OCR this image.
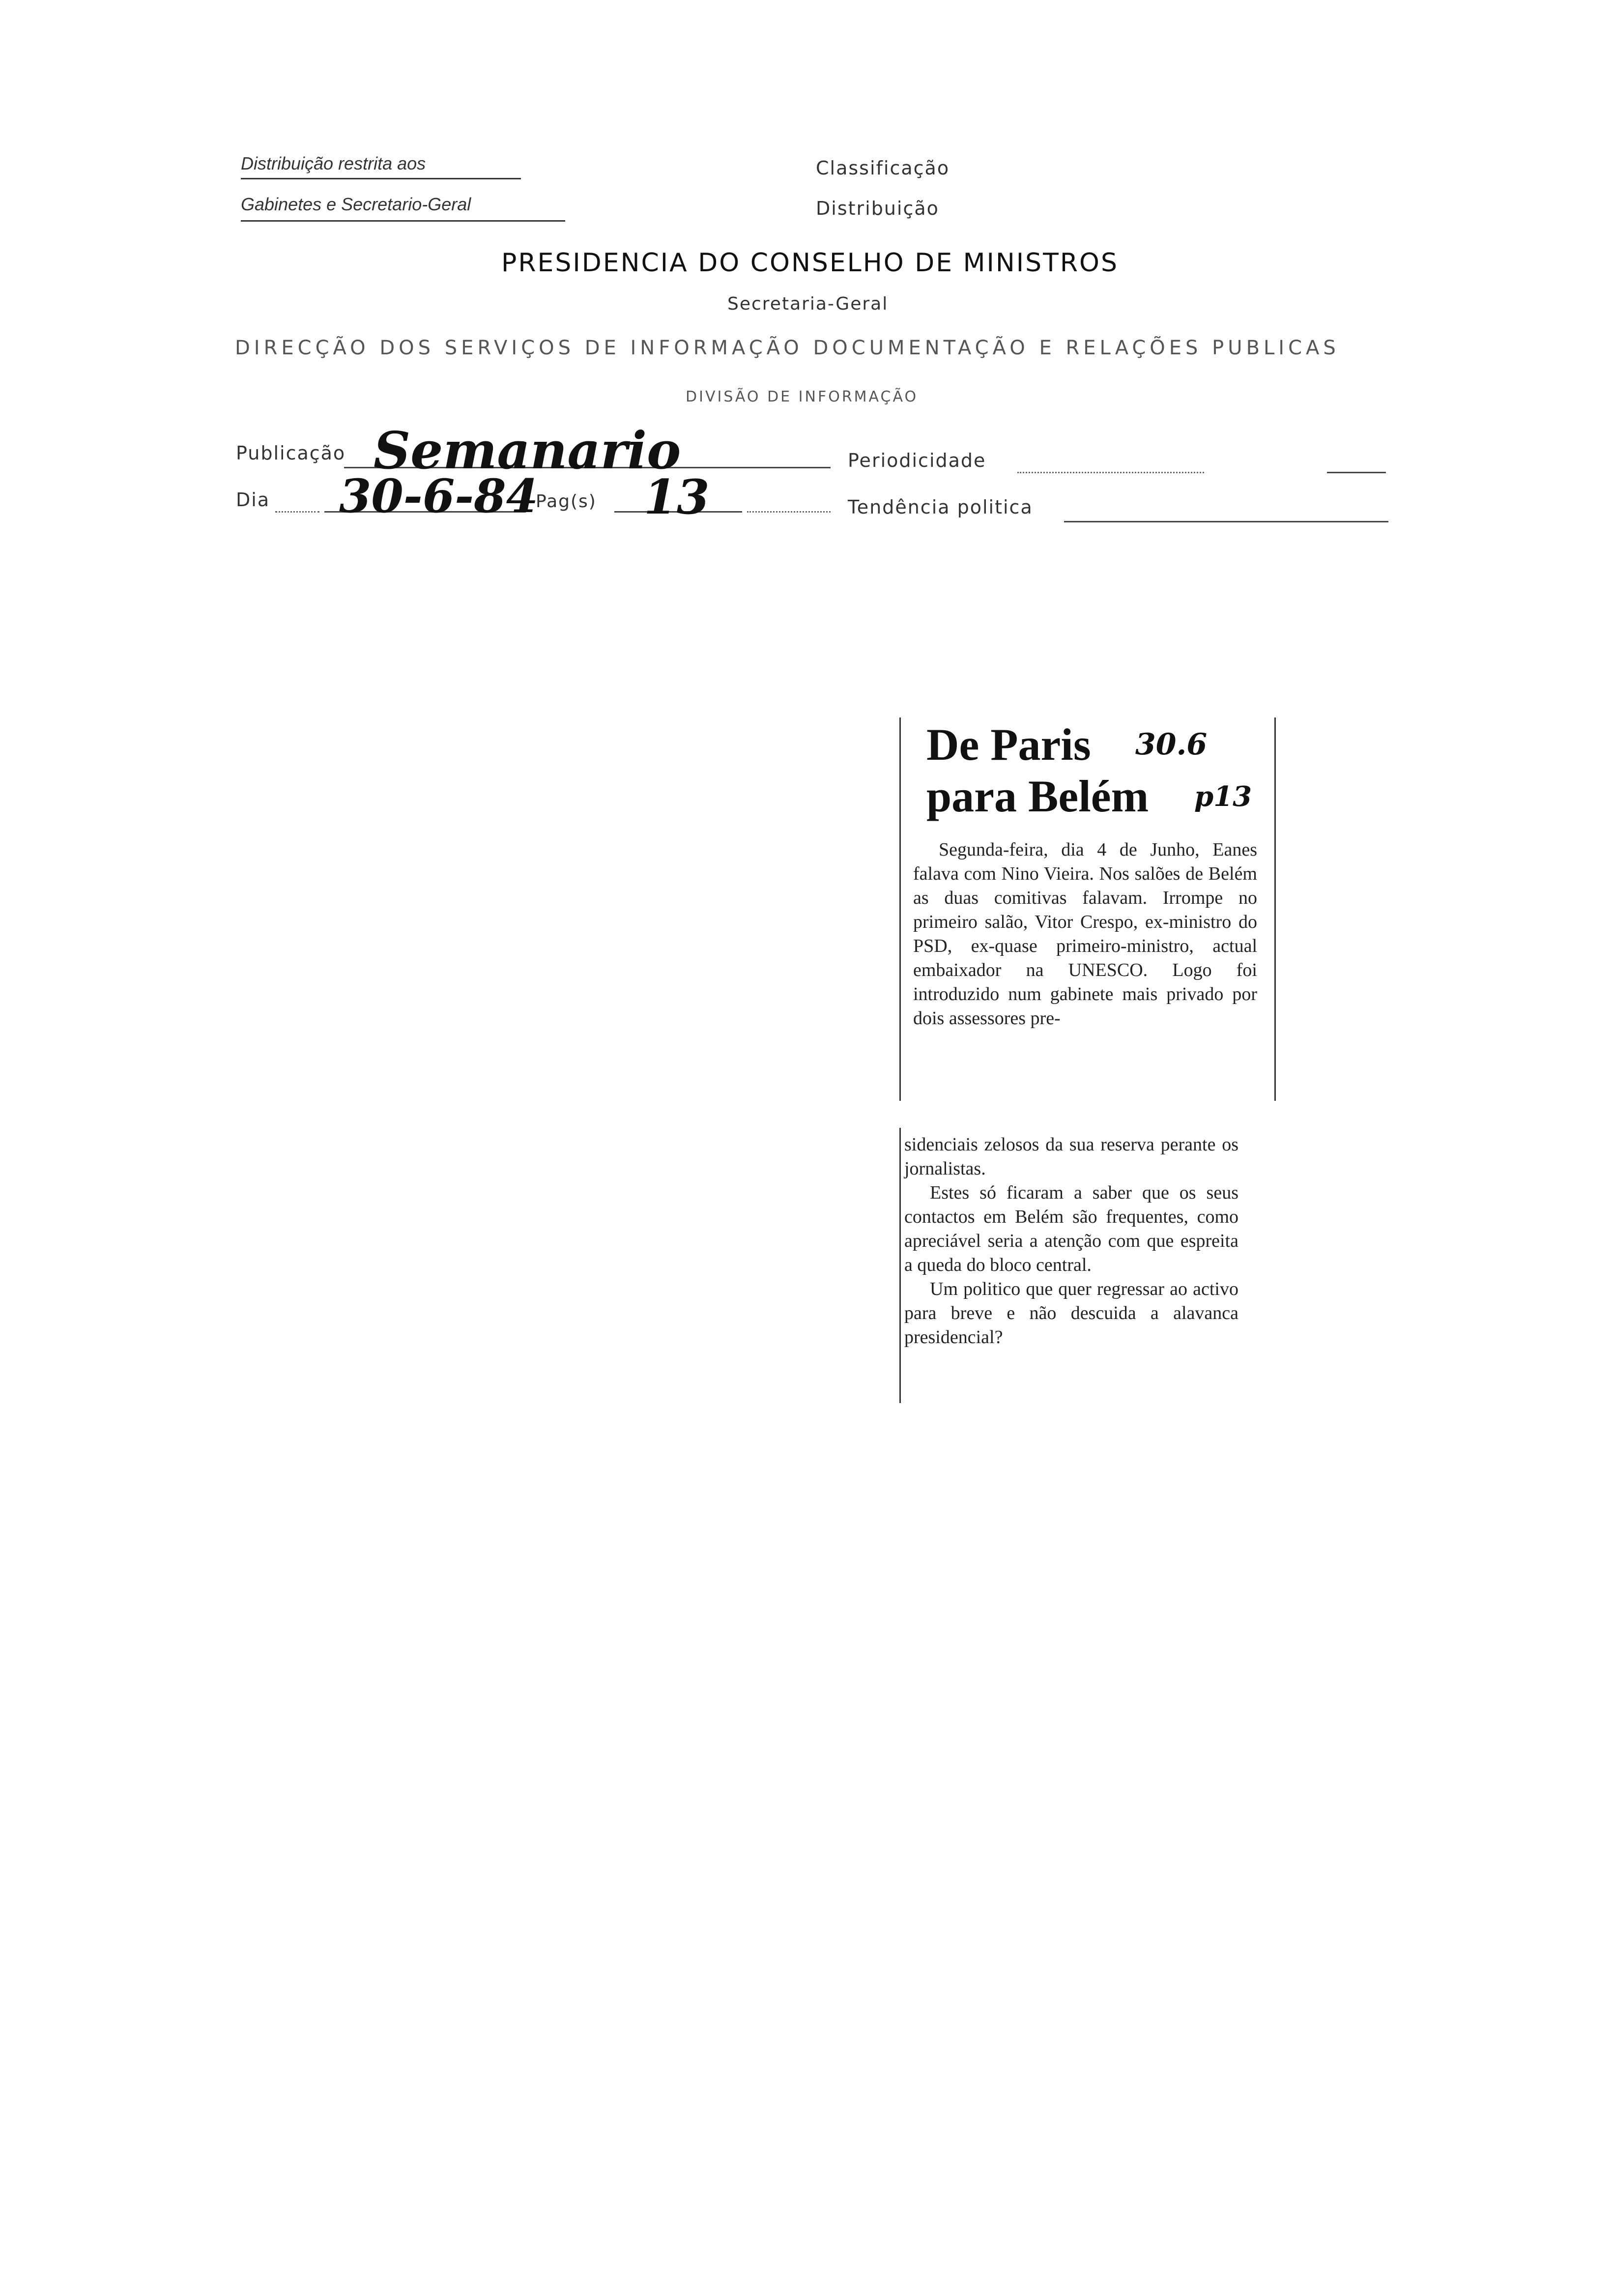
Distribuição restrita aos
Gabinetes e Secretario-Geral
Classificação
Distribuição
PRESIDENCIA DO CONSELHO DE MINISTROS
Secretaria-Geral
DIRECÇÃO DOS SERVIÇOS DE INFORMAÇÃO DOCUMENTAÇÃO E RELAÇÕES PUBLICAS
DIVISÃO DE INFORMAÇÃO
Publicação Semanario	Periodicidade
Dia 30-6-84
Pag(s) 13	Tendência politica
De Paris
para Belém
30.6
p13

Segunda-feira, dia 4 de Junho, Eanes falava com Nino Vieira. Nos salões de Belém as duas comitivas falavam. Irrompe no primeiro salão, Vitor Crespo, ex-ministro do PSD, ex-quase primeiro-ministro, actual embaixador na UNESCO. Logo foi introduzido num gabinete mais privado por dois assessores pre-

sidenciais zelosos da sua reserva perante os jornalistas.

Estes só ficaram a saber que os seus contactos em Belém são frequentes, como apreciável seria a atenção com que espreita a queda do bloco central.

Um politico que quer regressar ao activo para breve e não descuida a alavanca presidencial?
